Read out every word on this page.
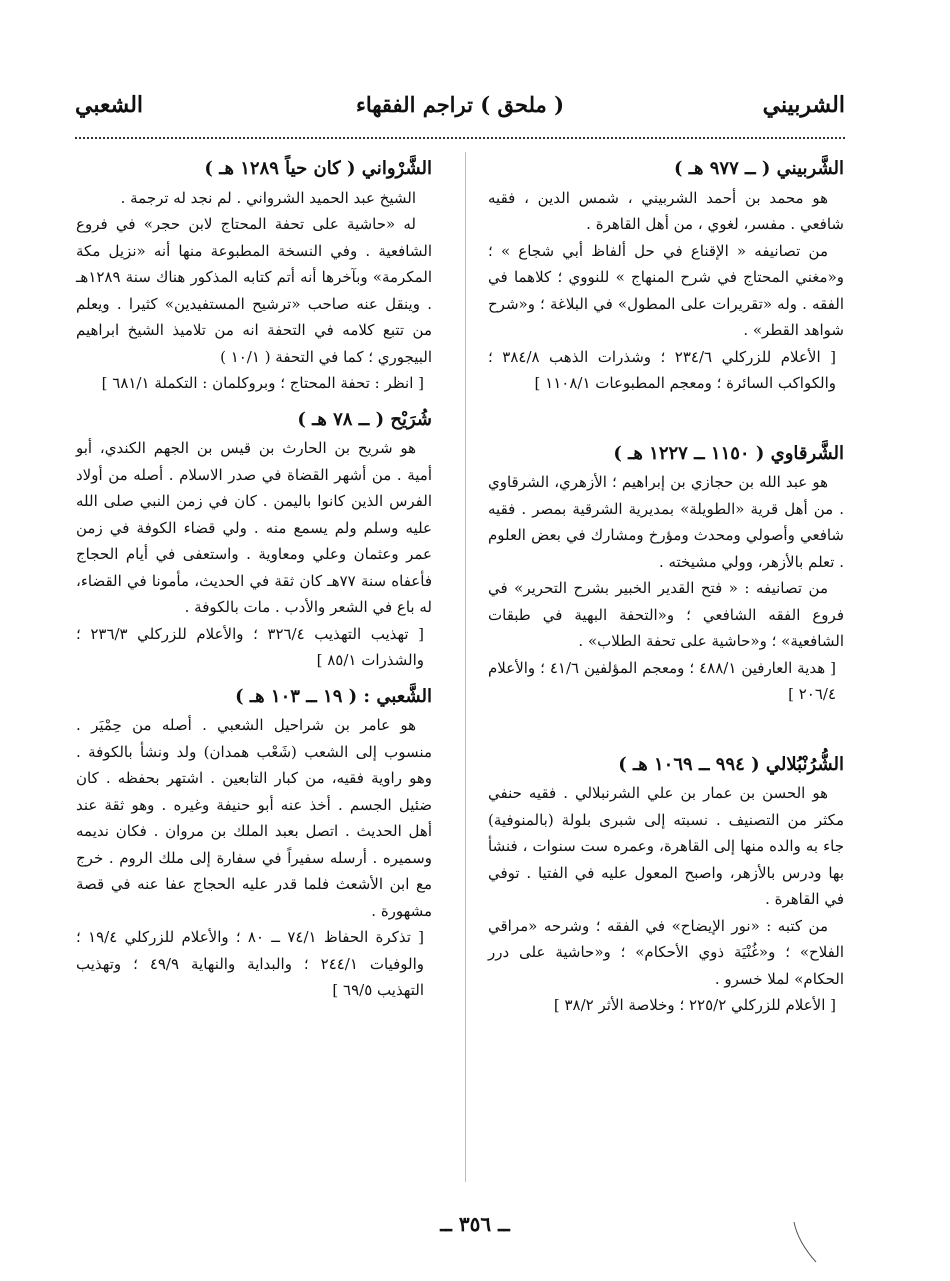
الشربيني
( ملحق ) تراجم الفقهاء
الشعبي
الشَّربيني ( ــ ٩٧٧ هـ )

هو محمد بن أحمد الشربيني ، شمس الدين ، فقيه شافعي . مفسر، لغوي ، من أهل القاهرة .

من تصانيفه « الإقناع في حل ألفاظ أبي شجاع » ؛ و«مغني المحتاج في شرح المنهاج » للنووي ؛ كلاهما في الفقه . وله «تقريرات على المطول» في البلاغة ؛ و«شرح شواهد القطر» .

[ الأعلام للزركلي ٢٣٤/٦ ؛ وشذرات الذهب ٣٨٤/٨ ؛ والكواكب السائرة ؛ ومعجم المطبوعات ١١٠٨/١ ]

الشَّرقاوي ( ١١٥٠ ــ ١٢٢٧ هـ )

هو عبد الله بن حجازي بن إبراهيم ؛ الأزهري، الشرقاوي . من أهل قرية «الطويلة» بمديرية الشرقية بمصر . فقيه شافعي وأصولي ومحدث ومؤرخ ومشارك في بعض العلوم . تعلم بالأزهر، وولي مشيخته .

من تصانيفه : « فتح القدير الخبير بشرح التحرير» في فروع الفقه الشافعي ؛ و«التحفة البهية في طبقات الشافعية» ؛ و«حاشية على تحفة الطلاب» .

[ هدية العارفين ٤٨٨/١ ؛ ومعجم المؤلفين ٤١/٦ ؛ والأعلام ٢٠٦/٤ ]

الشُّرُنْبُلالي ( ٩٩٤ ــ ١٠٦٩ هـ )

هو الحسن بن عمار بن علي الشرنبلالي . فقيه حنفي مكثر من التصنيف . نسبته إلى شبرى بلولة (بالمنوفية) جاء به والده منها إلى القاهرة، وعمره ست سنوات ، فنشأ بها ودرس بالأزهر، واصبح المعول عليه في الفتيا . توفي في القاهرة .

من كتبه : «نور الإيضاح» في الفقه ؛ وشرحه «مراقي الفلاح» ؛ و«غُنْيَة ذوي الأحكام» ؛ و«حاشية على درر الحكام» لملا خسرو .

[ الأعلام للزركلي ٢٢٥/٢ ؛ وخلاصة الأثر ٣٨/٢ ]

الشَّرْواني ( كان حياً ١٢٨٩ هـ )

الشيخ عبد الحميد الشرواني . لم نجد له ترجمة .

له «حاشية على تحفة المحتاج لابن حجر» في فروع الشافعية . وفي النسخة المطبوعة منها أنه «نزيل مكة المكرمة» وبآخرها أنه أتم كتابه المذكور هناك سنة ١٢٨٩هـ . وينقل عنه صاحب «ترشيح المستفيدين» كثيرا . ويعلم من تتبع كلامه في التحفة انه من تلاميذ الشيخ ابراهيم البيجوري ؛ كما في التحفة ( ١٠/١ )

[ انظر : تحفة المحتاج ؛ وبروكلمان : التكملة ٦٨١/١ ]

شُرَيْح ( ــ ٧٨ هـ )

هو شريح بن الحارث بن قيس بن الجهم الكندي، أبو أمية . من أشهر القضاة في صدر الاسلام . أصله من أولاد الفرس الذين كانوا باليمن . كان في زمن النبي صلى الله عليه وسلم ولم يسمع منه . ولي قضاء الكوفة في زمن عمر وعثمان وعلي ومعاوية . واستعفى في أيام الحجاج فأعفاه سنة ٧٧هـ كان ثقة في الحديث، مأمونا في القضاء، له باع في الشعر والأدب . مات بالكوفة .

[ تهذيب التهذيب ٣٢٦/٤ ؛ والأعلام للزركلي ٢٣٦/٣ ؛ والشذرات ٨٥/١ ]

الشَّعبي : ( ١٩ ــ ١٠٣ هـ )

هو عامر بن شراحيل الشعبي . أصله من حِمْيَر . منسوب إلى الشعب (شَعْب همدان) ولد ونشأ بالكوفة . وهو راوية فقيه، من كبار التابعين . اشتهر بحفظه . كان ضئيل الجسم . أخذ عنه أبو حنيفة وغيره . وهو ثقة عند أهل الحديث . اتصل بعبد الملك بن مروان . فكان نديمه وسميره . أرسله سفيراً في سفارة إلى ملك الروم . خرج مع ابن الأشعث فلما قدر عليه الحجاج عفا عنه في قصة مشهورة .

[ تذكرة الحفاظ ٧٤/١ ــ ٨٠ ؛ والأعلام للزركلي ١٩/٤ ؛ والوفيات ٢٤٤/١ ؛ والبداية والنهاية ٤٩/٩ ؛ وتهذيب التهذيب ٦٩/٥ ]

ــ ٣٥٦ ــ
